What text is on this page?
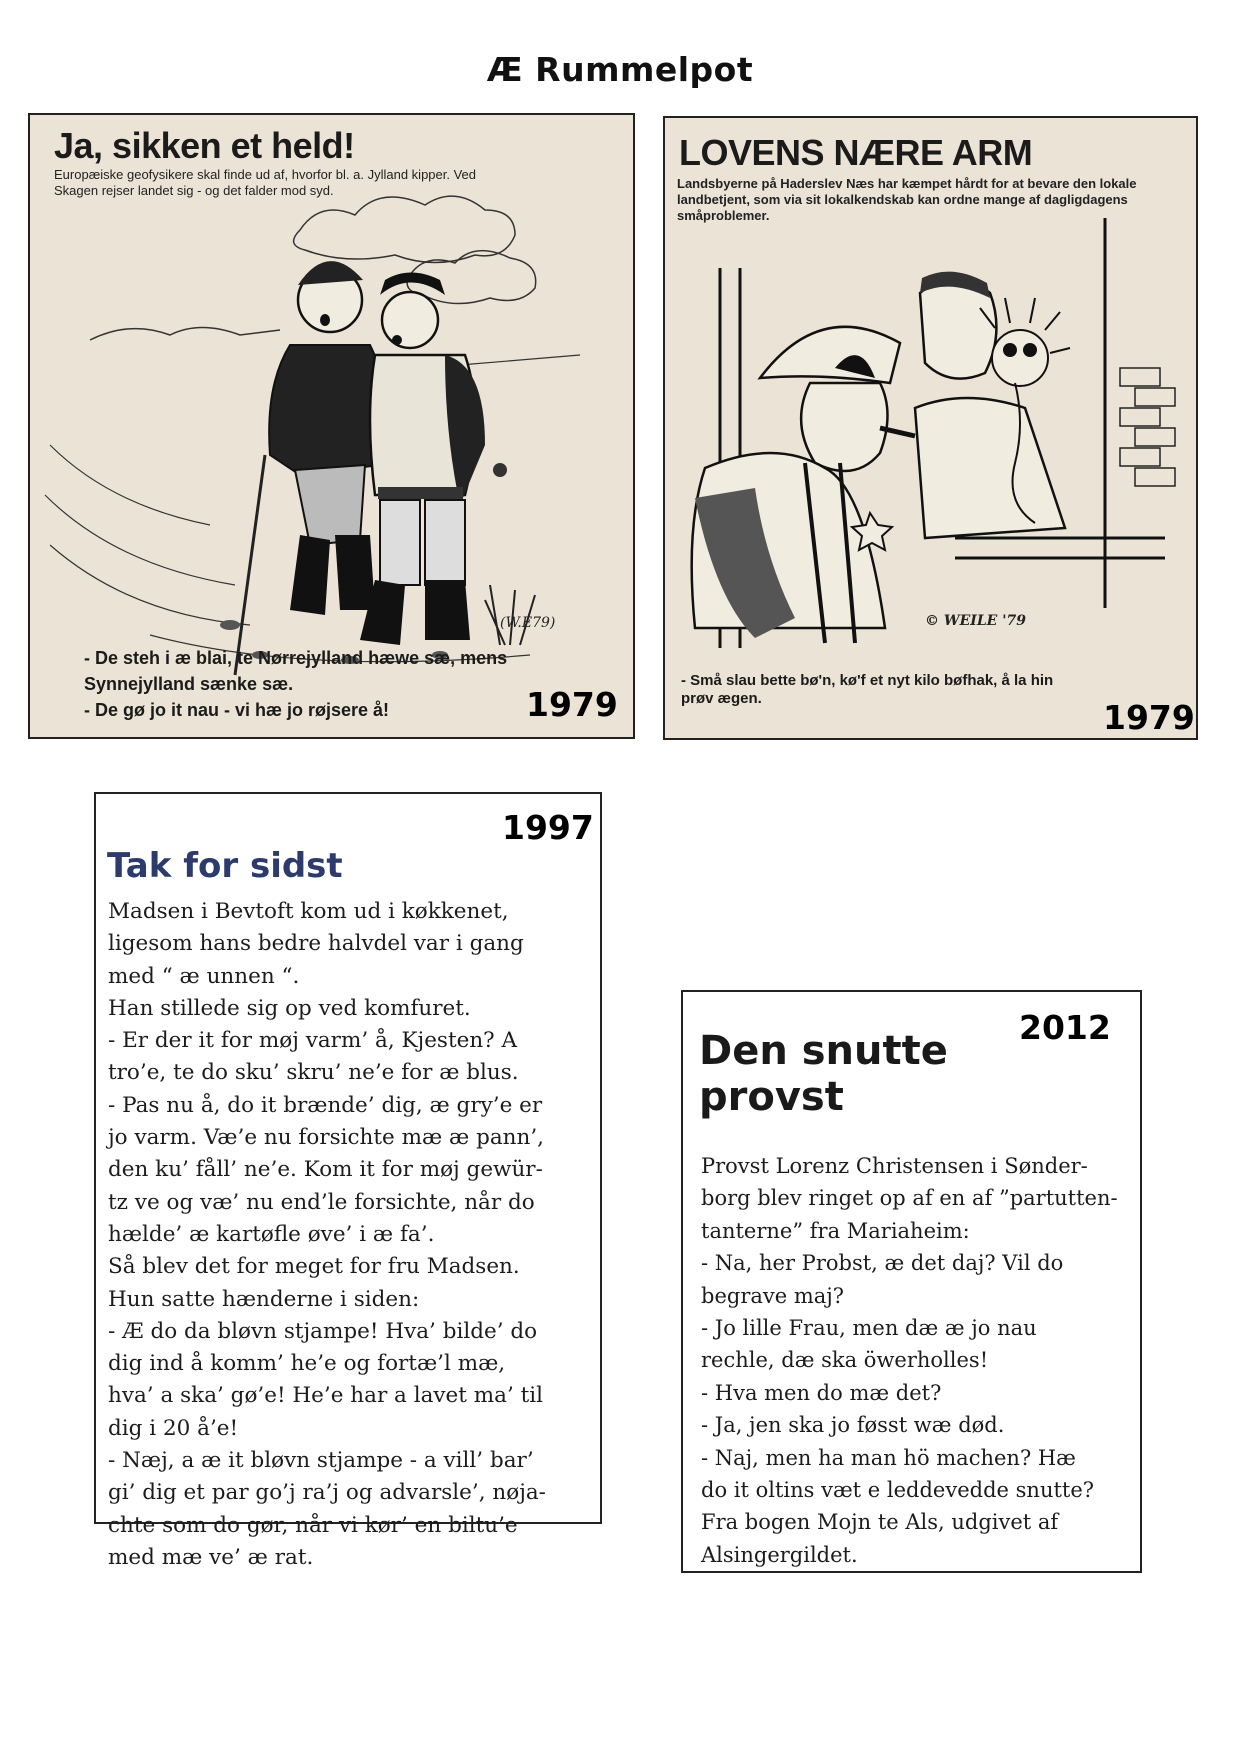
Æ Rummelpot
Ja, sikken et held!
Europæiske geofysikere skal finde ud af, hvorfor bl. a. Jylland kipper. Ved
Skagen rejser landet sig - og det falder mod syd.
(W.E79)
- De steh i æ blai, te Nørrejylland hæwe sæ, mens
Synnejylland sænke sæ.
- De gø jo it nau - vi hæ jo røjsere å!	1979
LOVENS NÆRE ARM
Landsbyerne på Haderslev Næs har kæmpet hårdt for at bevare den lokale
landbetjent, som via sit lokalkendskab kan ordne mange af dagligdagens
småproblemer.
© WEILE '79
- Små slau bette bø'n, kø'f et nyt kilo bøfhak, å la hin
prøv ægen.	1979
1997
Tak for sidst
Madsen i Bevtoft kom ud i køkkenet,
ligesom hans bedre halvdel var i gang
med “ æ unnen “.
Han stillede sig op ved komfuret.
- Er der it for møj varm’ å, Kjesten? A
tro’e, te do sku’ skru’ ne’e for æ blus.
- Pas nu å, do it brænde’ dig, æ gry’e er
jo varm. Væ’e nu forsichte mæ æ pann’,
den ku’ fåll’ ne’e. Kom it for møj gewür-
tz ve og væ’ nu end’le forsichte, når do
hælde’ æ kartøfle øve’ i æ fa’.
Så blev det for meget for fru Madsen.
Hun satte hænderne i siden:
- Æ do da bløvn stjampe! Hva’ bilde’ do
dig ind å komm’ he’e og fortæ’l mæ,
hva’ a ska’ gø’e! He’e har a lavet ma’ til
dig i 20 å’e!
- Næj, a æ it bløvn stjampe - a vill’ bar’
gi’ dig et par go’j ra’j og advarsle’, nøja-
chte som do gør, når vi kør’ en biltu’e
med mæ ve’ æ rat.
2012
Den snutte
provst
Provst Lorenz Christensen i Sønder-
borg blev ringet op af en af ”partutten-
tanterne” fra Mariaheim:
- Na, her Probst, æ det daj? Vil do
begrave maj?
- Jo lille Frau, men dæ æ jo nau
rechle, dæ ska öwerholles!
- Hva men do mæ det?
- Ja, jen ska jo føsst wæ død.
- Naj, men ha man hö machen? Hæ
do it oltins væt e leddevedde snutte?
Fra bogen Mojn te Als, udgivet af
Alsingergildet.
